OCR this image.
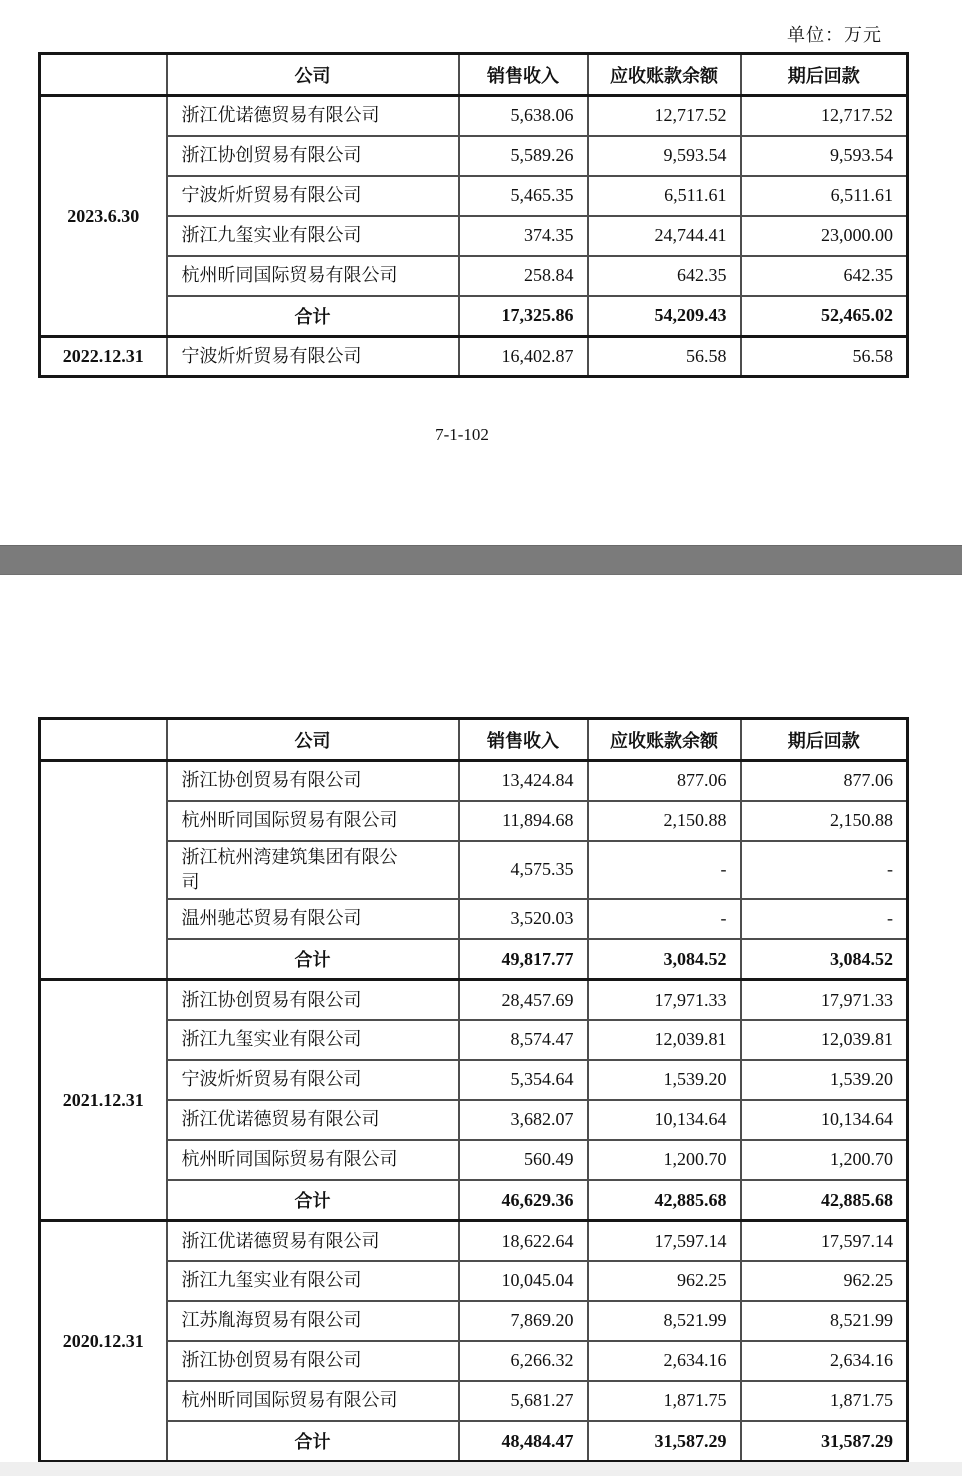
单位：万元
	公司	销售收入	应收账款余额	期后回款
2023.6.30	浙江优诺德贸易有限公司	5,638.06	12,717.52	12,717.52
	浙江协创贸易有限公司	5,589.26	9,593.54	9,593.54
	宁波炘炘贸易有限公司	5,465.35	6,511.61	6,511.61
	浙江九玺实业有限公司	374.35	24,744.41	23,000.00
	杭州昕同国际贸易有限公司	258.84	642.35	642.35
	合计	17,325.86	54,209.43	52,465.02
2022.12.31	宁波炘炘贸易有限公司	16,402.87	56.58	56.58
7-1-102
	公司	销售收入	应收账款余额	期后回款
	浙江协创贸易有限公司	13,424.84	877.06	877.06
	杭州昕同国际贸易有限公司	11,894.68	2,150.88	2,150.88
	浙江杭州湾建筑集团有限公司	4,575.35	-	-
	温州驰芯贸易有限公司	3,520.03	-	-
	合计	49,817.77	3,084.52	3,084.52
2021.12.31	浙江协创贸易有限公司	28,457.69	17,971.33	17,971.33
	浙江九玺实业有限公司	8,574.47	12,039.81	12,039.81
	宁波炘炘贸易有限公司	5,354.64	1,539.20	1,539.20
	浙江优诺德贸易有限公司	3,682.07	10,134.64	10,134.64
	杭州昕同国际贸易有限公司	560.49	1,200.70	1,200.70
	合计	46,629.36	42,885.68	42,885.68
2020.12.31	浙江优诺德贸易有限公司	18,622.64	17,597.14	17,597.14
	浙江九玺实业有限公司	10,045.04	962.25	962.25
	江苏胤海贸易有限公司	7,869.20	8,521.99	8,521.99
	浙江协创贸易有限公司	6,266.32	2,634.16	2,634.16
	杭州昕同国际贸易有限公司	5,681.27	1,871.75	1,871.75
	合计	48,484.47	31,587.29	31,587.29
